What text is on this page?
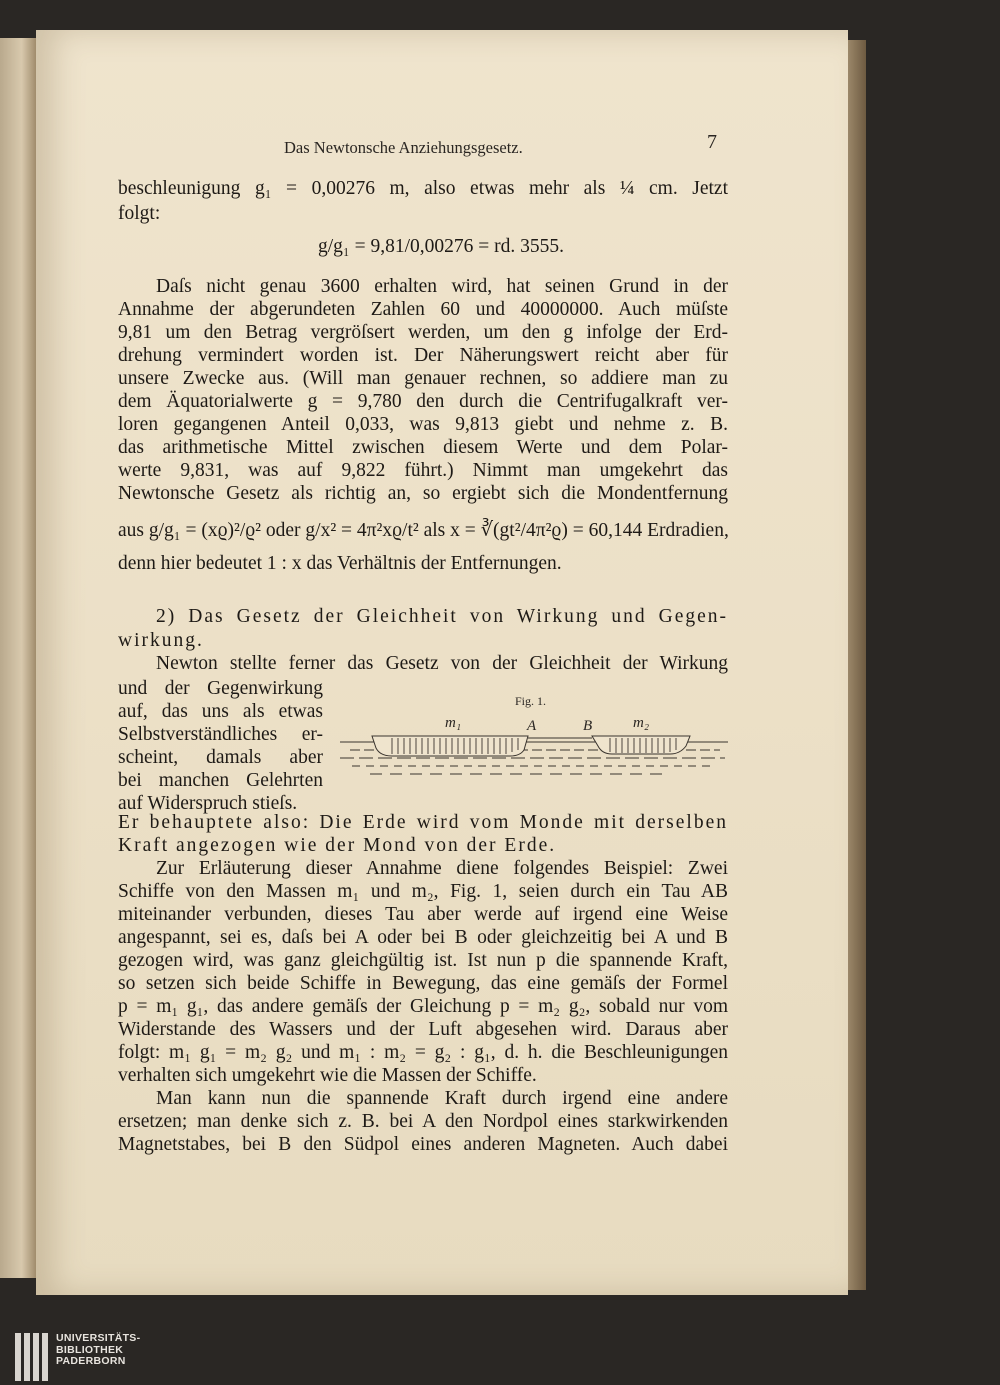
Das Newtonsche Anziehungsgesetz.	7
beschleunigung g₁ = 0,00276 m, also etwas mehr als ¼ cm. Jetzt
folgt:
g/g₁ = 9,81/0,00276 = rd. 3555.
Daſs nicht genau 3600 erhalten wird, hat seinen Grund in der
Annahme der abgerundeten Zahlen 60 und 40000000. Auch müſste
9,81 um den Betrag vergröſsert werden, um den g infolge der Erd-
drehung vermindert worden ist. Der Näherungswert reicht aber für
unsere Zwecke aus. (Will man genauer rechnen, so addiere man zu
dem Äquatorialwerte g = 9,780 den durch die Centrifugalkraft ver-
loren gegangenen Anteil 0,033, was 9,813 giebt und nehme z. B.
das arithmetische Mittel zwischen diesem Werte und dem Polar-
werte 9,831, was auf 9,822 führt.) Nimmt man umgekehrt das
Newtonsche Gesetz als richtig an, so ergiebt sich die Mondentfernung
aus g/g₁ = (xϱ)²/ϱ² oder g/x² = 4π²xϱ/t² als x = ∛(gt²/4π²ϱ) = 60,144 Erdradien,
denn hier bedeutet 1 : x das Verhältnis der Entfernungen.
2) Das Gesetz der Gleichheit von Wirkung und Gegen-
wirkung.
Newton stellte ferner das Gesetz von der Gleichheit der Wirkung
und der Gegenwirkung
auf, das uns als etwas
Selbstverständliches er-
scheint, damals aber
bei manchen Gelehrten
auf Widerspruch stieſs.
Er behauptete also: Die Erde wird vom Monde mit derselben
Kraft angezogen wie der Mond von der Erde.
Zur Erläuterung dieser Annahme diene folgendes Beispiel: Zwei
Schiffe von den Massen m₁ und m₂, Fig. 1, seien durch ein Tau AB
miteinander verbunden, dieses Tau aber werde auf irgend eine Weise
angespannt, sei es, daſs bei A oder bei B oder gleichzeitig bei A und B
gezogen wird, was ganz gleichgültig ist. Ist nun p die spannende Kraft,
so setzen sich beide Schiffe in Bewegung, das eine gemäſs der Formel
p = m₁ g₁, das andere gemäſs der Gleichung p = m₂ g₂, sobald nur vom
Widerstande des Wassers und der Luft abgesehen wird. Daraus aber
folgt: m₁ g₁ = m₂ g₂ und m₁ : m₂ = g₂ : g₁, d. h. die Beschleunigungen
verhalten sich umgekehrt wie die Massen der Schiffe.
Man kann nun die spannende Kraft durch irgend eine andere
ersetzen; man denke sich z. B. bei A den Nordpol eines starkwirkenden
Magnetstabes, bei B den Südpol eines anderen Magneten. Auch dabei
Fig. 1.
m₁	A	B	m₂
UNIVERSITÄTS-
BIBLIOTHEK
PADERBORN
